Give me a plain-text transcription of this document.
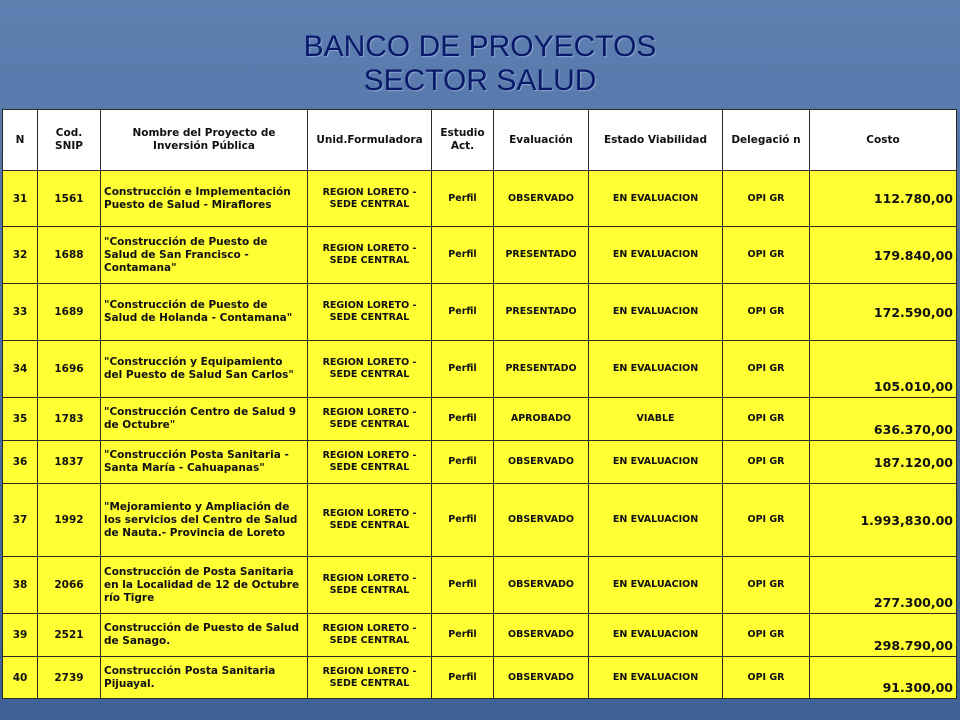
BANCO DE PROYECTOS
SECTOR SALUD
N	Cod. SNIP	Nombre del Proyecto de Inversión Pública	Unid.Formuladora	Estudio Act.	Evaluación	Estado Viabilidad	Delegació n	Costo
31	1561	Construcción e Implementación Puesto de Salud - Miraflores	REGION LORETO - SEDE CENTRAL	Perfil	OBSERVADO	EN EVALUACION	OPI GR	112.780,00
32	1688	"Construcción de Puesto de Salud de San Francisco - Contamana"	REGION LORETO - SEDE CENTRAL	Perfil	PRESENTADO	EN EVALUACION	OPI GR	179.840,00
33	1689	"Construcción de Puesto de Salud de Holanda - Contamana"	REGION LORETO - SEDE CENTRAL	Perfil	PRESENTADO	EN EVALUACION	OPI GR	172.590,00
34	1696	"Construcción y Equipamiento del Puesto de Salud San Carlos"	REGION LORETO - SEDE CENTRAL	Perfil	PRESENTADO	EN EVALUACION	OPI GR	105.010,00
35	1783	"Construcción Centro de Salud 9 de Octubre"	REGION LORETO - SEDE CENTRAL	Perfil	APROBADO	VIABLE	OPI GR	636.370,00
36	1837	"Construcción Posta Sanitaria - Santa María - Cahuapanas"	REGION LORETO - SEDE CENTRAL	Perfil	OBSERVADO	EN EVALUACION	OPI GR	187.120,00
37	1992	"Mejoramiento y Ampliación de los servicios del Centro de Salud de Nauta.- Provincia de Loreto	REGION LORETO - SEDE CENTRAL	Perfil	OBSERVADO	EN EVALUACION	OPI GR	1.993,830.00
38	2066	Construcción de Posta Sanitaria en la Localidad de 12 de Octubre río Tigre	REGION LORETO - SEDE CENTRAL	Perfil	OBSERVADO	EN EVALUACION	OPI GR	277.300,00
39	2521	Construcción de Puesto de Salud de Sanago.	REGION LORETO - SEDE CENTRAL	Perfil	OBSERVADO	EN EVALUACION	OPI GR	298.790,00
40	2739	Construcción Posta Sanitaria Pijuayal.	REGION LORETO - SEDE CENTRAL	Perfil	OBSERVADO	EN EVALUACION	OPI GR	91.300,00
